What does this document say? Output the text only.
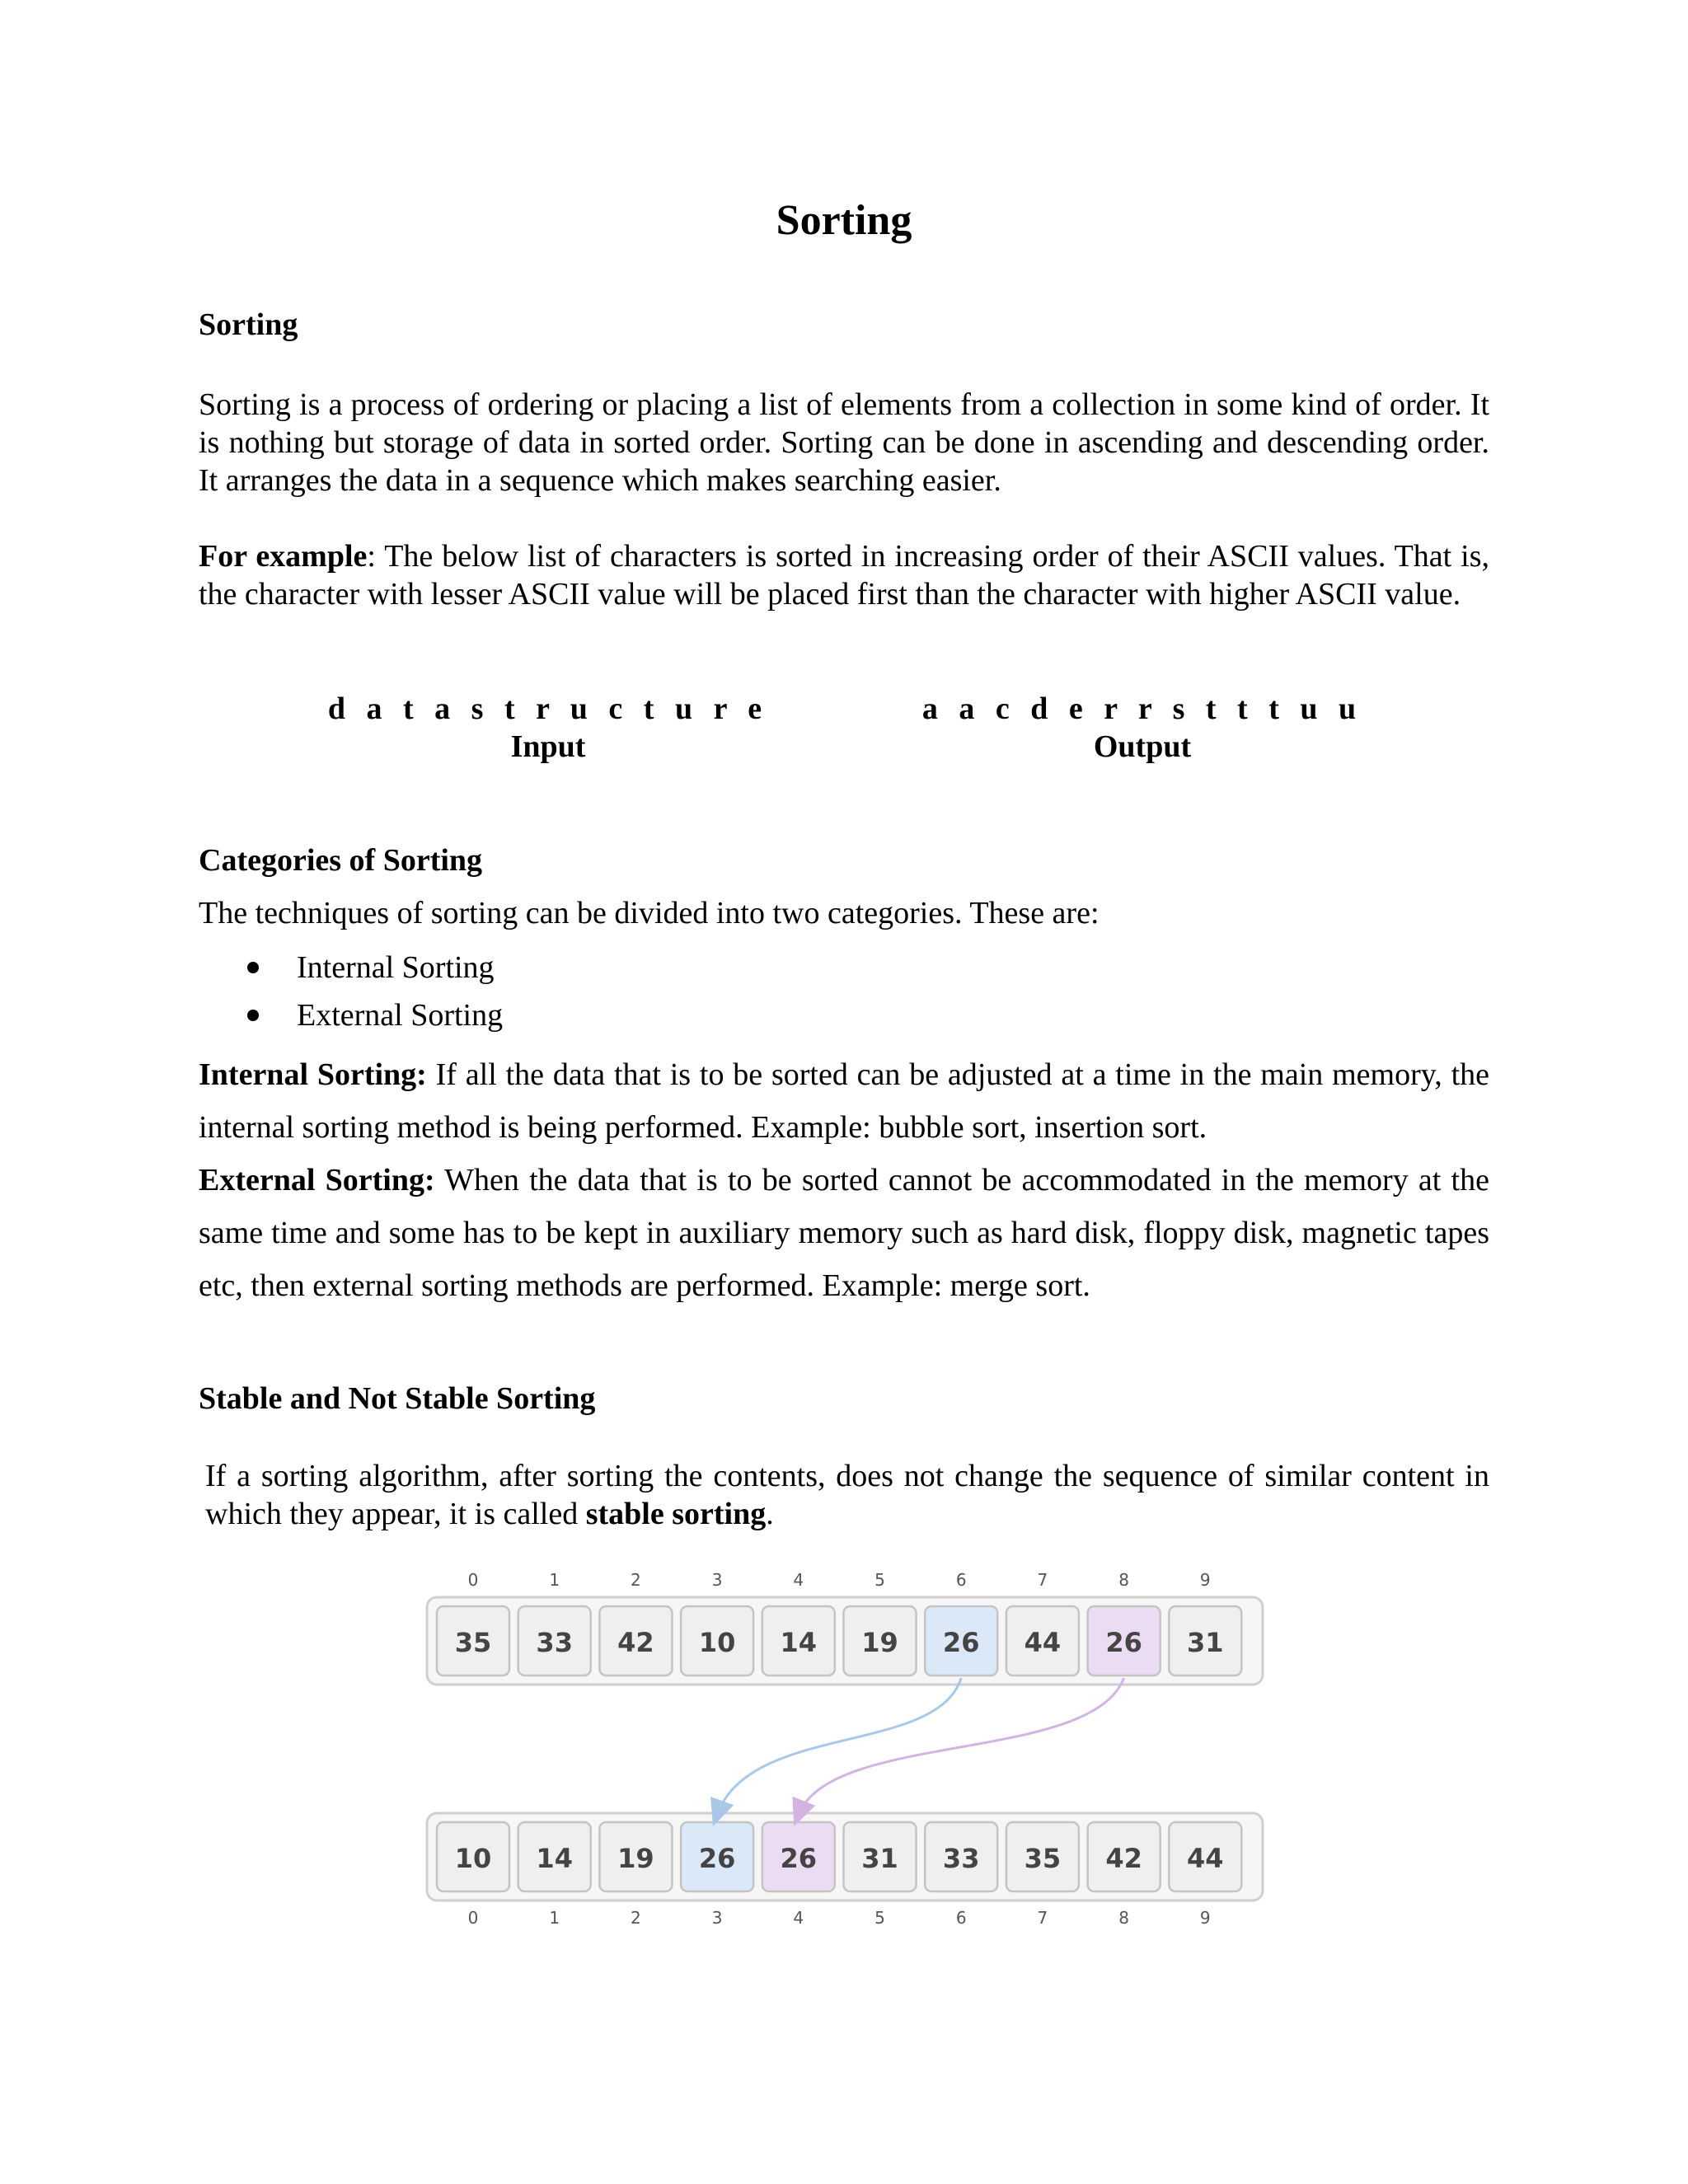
Sorting
Sorting
Sorting is a process of ordering or placing a list of elements from a collection in some kind of order. It is nothing but storage of data in sorted order. Sorting can be done in ascending and descending order. It arranges the data in a sequence which makes searching easier.
For example: The below list of characters is sorted in increasing order of their ASCII values. That is, the character with lesser ASCII value will be placed first than the character with higher ASCII value.
d a t a s t r u c t u r e
Input
a a c d e r r s t t t u u
Output
Categories of Sorting
The techniques of sorting can be divided into two categories. These are:
Internal Sorting
External Sorting
Internal Sorting: If all the data that is to be sorted can be adjusted at a time in the main memory, the internal sorting method is being performed. Example: bubble sort, insertion sort.
External Sorting: When the data that is to be sorted cannot be accommodated in the memory at the same time and some has to be kept in auxiliary memory such as hard disk, floppy disk, magnetic tapes etc, then external sorting methods are performed. Example: merge sort.
Stable and Not Stable Sorting
If a sorting algorithm, after sorting the contents, does not change the sequence of similar content in which they appear, it is called stable sorting.
35 33 42 10 14 19 26 44 26 31
10 14 19 26 26 31 33 35 42 44
0	1	2	3	4	5	6	7	8	9
0	1	2	3	4	5	6	7	8	9
